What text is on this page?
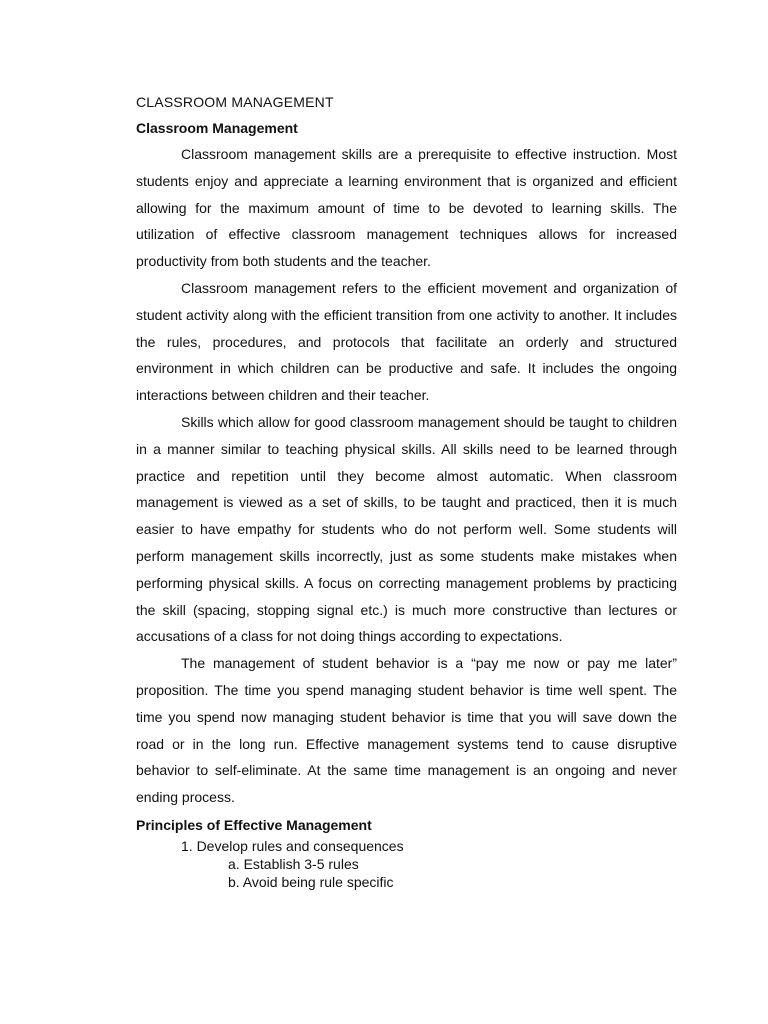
CLASSROOM MANAGEMENT
Classroom Management

Classroom management skills are a prerequisite to effective instruction. Most students enjoy and appreciate a learning environment that is organized and efficient allowing for the maximum amount of time to be devoted to learning skills. The utilization of effective classroom management techniques allows for increased productivity from both students and the teacher.

Classroom management refers to the efficient movement and organization of student activity along with the efficient transition from one activity to another. It includes the rules, procedures, and protocols that facilitate an orderly and structured environment in which children can be productive and safe. It includes the ongoing interactions between children and their teacher.

Skills which allow for good classroom management should be taught to children in a manner similar to teaching physical skills. All skills need to be learned through practice and repetition until they become almost automatic. When classroom management is viewed as a set of skills, to be taught and practiced, then it is much easier to have empathy for students who do not perform well. Some students will perform management skills incorrectly, just as some students make mistakes when performing physical skills. A focus on correcting management problems by practicing the skill (spacing, stopping signal etc.) is much more constructive than lectures or accusations of a class for not doing things according to expectations.

The management of student behavior is a “pay me now or pay me later” proposition. The time you spend managing student behavior is time well spent. The time you spend now managing student behavior is time that you will save down the road or in the long run. Effective management systems tend to cause disruptive behavior to self-eliminate. At the same time management is an ongoing and never ending process.

Principles of Effective Management
1. Develop rules and consequences
a. Establish 3-5 rules
b. Avoid being rule specific
